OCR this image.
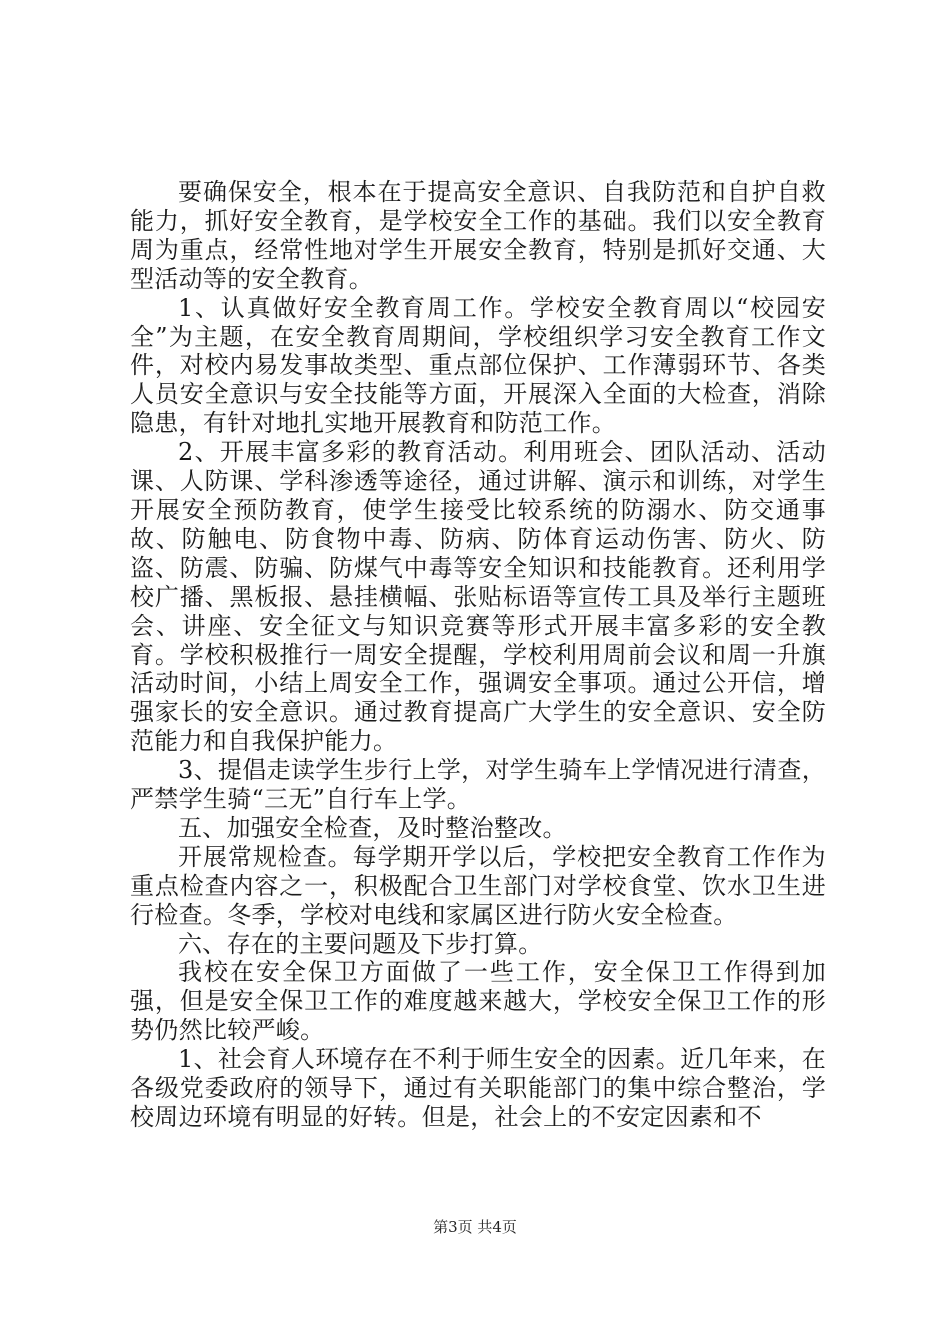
要确保安全，根本在于提高安全意识、自我防范和自护自救能力，抓好安全教育，是学校安全工作的基础。我们以安全教育周为重点，经常性地对学生开展安全教育，特别是抓好交通、大型活动等的安全教育。

1、认真做好安全教育周工作。学校安全教育周以“校园安全”为主题，在安全教育周期间，学校组织学习安全教育工作文件，对校内易发事故类型、重点部位保护、工作薄弱环节、各类人员安全意识与安全技能等方面，开展深入全面的大检查，消除隐患，有针对地扎实地开展教育和防范工作。

2、开展丰富多彩的教育活动。利用班会、团队活动、活动课、人防课、学科渗透等途径，通过讲解、演示和训练，对学生开展安全预防教育，使学生接受比较系统的防溺水、防交通事故、防触电、防食物中毒、防病、防体育运动伤害、防火、防盗、防震、防骗、防煤气中毒等安全知识和技能教育。还利用学校广播、黑板报、悬挂横幅、张贴标语等宣传工具及举行主题班会、讲座、安全征文与知识竞赛等形式开展丰富多彩的安全教育。学校积极推行一周安全提醒，学校利用周前会议和周一升旗活动时间，小结上周安全工作，强调安全事项。通过公开信，增强家长的安全意识。通过教育提高广大学生的安全意识、安全防范能力和自我保护能力。

3、提倡走读学生步行上学，对学生骑车上学情况进行清查，严禁学生骑“三无”自行车上学。

五、加强安全检查，及时整治整改。

开展常规检查。每学期开学以后，学校把安全教育工作作为重点检查内容之一，积极配合卫生部门对学校食堂、饮水卫生进行检查。冬季，学校对电线和家属区进行防火安全检查。

六、存在的主要问题及下步打算。

我校在安全保卫方面做了一些工作，安全保卫工作得到加强，但是安全保卫工作的难度越来越大，学校安全保卫工作的形势仍然比较严峻。

1、社会育人环境存在不利于师生安全的因素。近几年来，在各级党委政府的领导下，通过有关职能部门的集中综合整治，学校周边环境有明显的好转。但是，社会上的不安定因素和不

第3页 共4页
